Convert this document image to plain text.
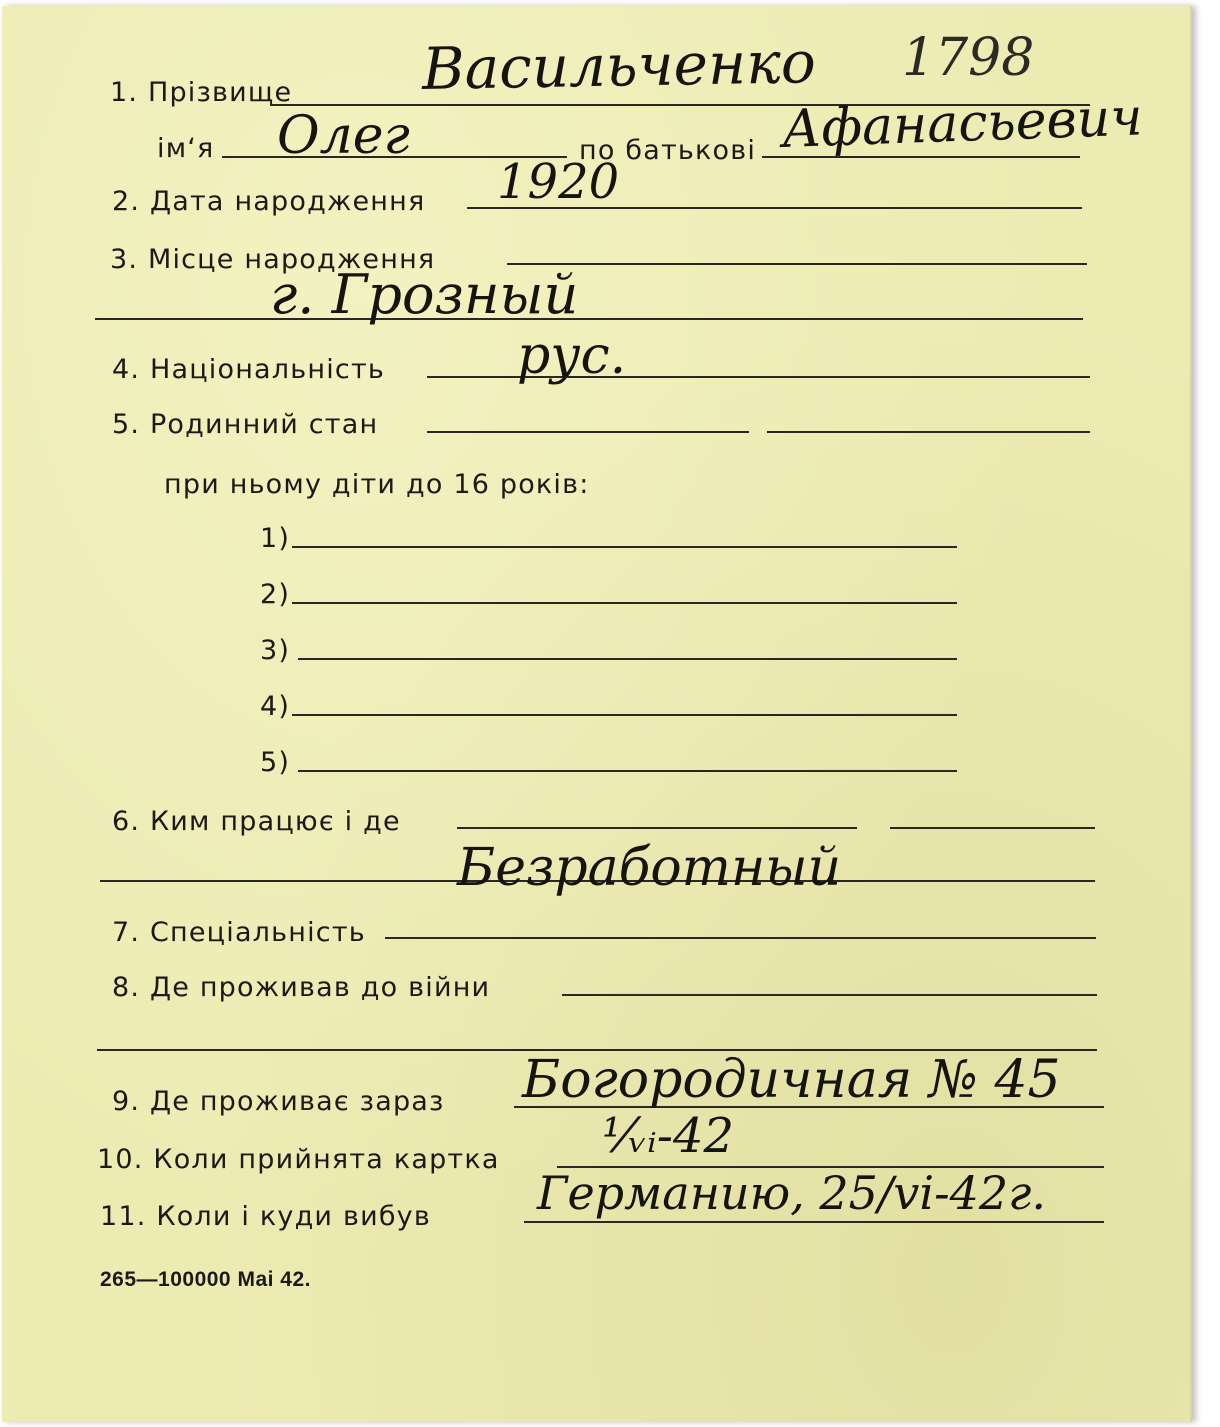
1. Прізвище Васильченко 1798
ім‘я Олег	по батькові Афанасьевич
2. Дата народження 1920
3. Місце народження
г. Грозный
4. Національність	рус.
5. Родинний стан
при ньому діти до 16 років:
1)
2)
3)
4)
5)
6. Ким працює і де
Безработный
7. Спеціальність
8. Де проживав до війни
9. Де проживає зараз Богородичная № 45
10. Коли прийнята картка ¹⁄ᵥᵢ-42
11. Коли і куди вибув Германию, 25/vi-42г.
265—100000 Mai 42.
